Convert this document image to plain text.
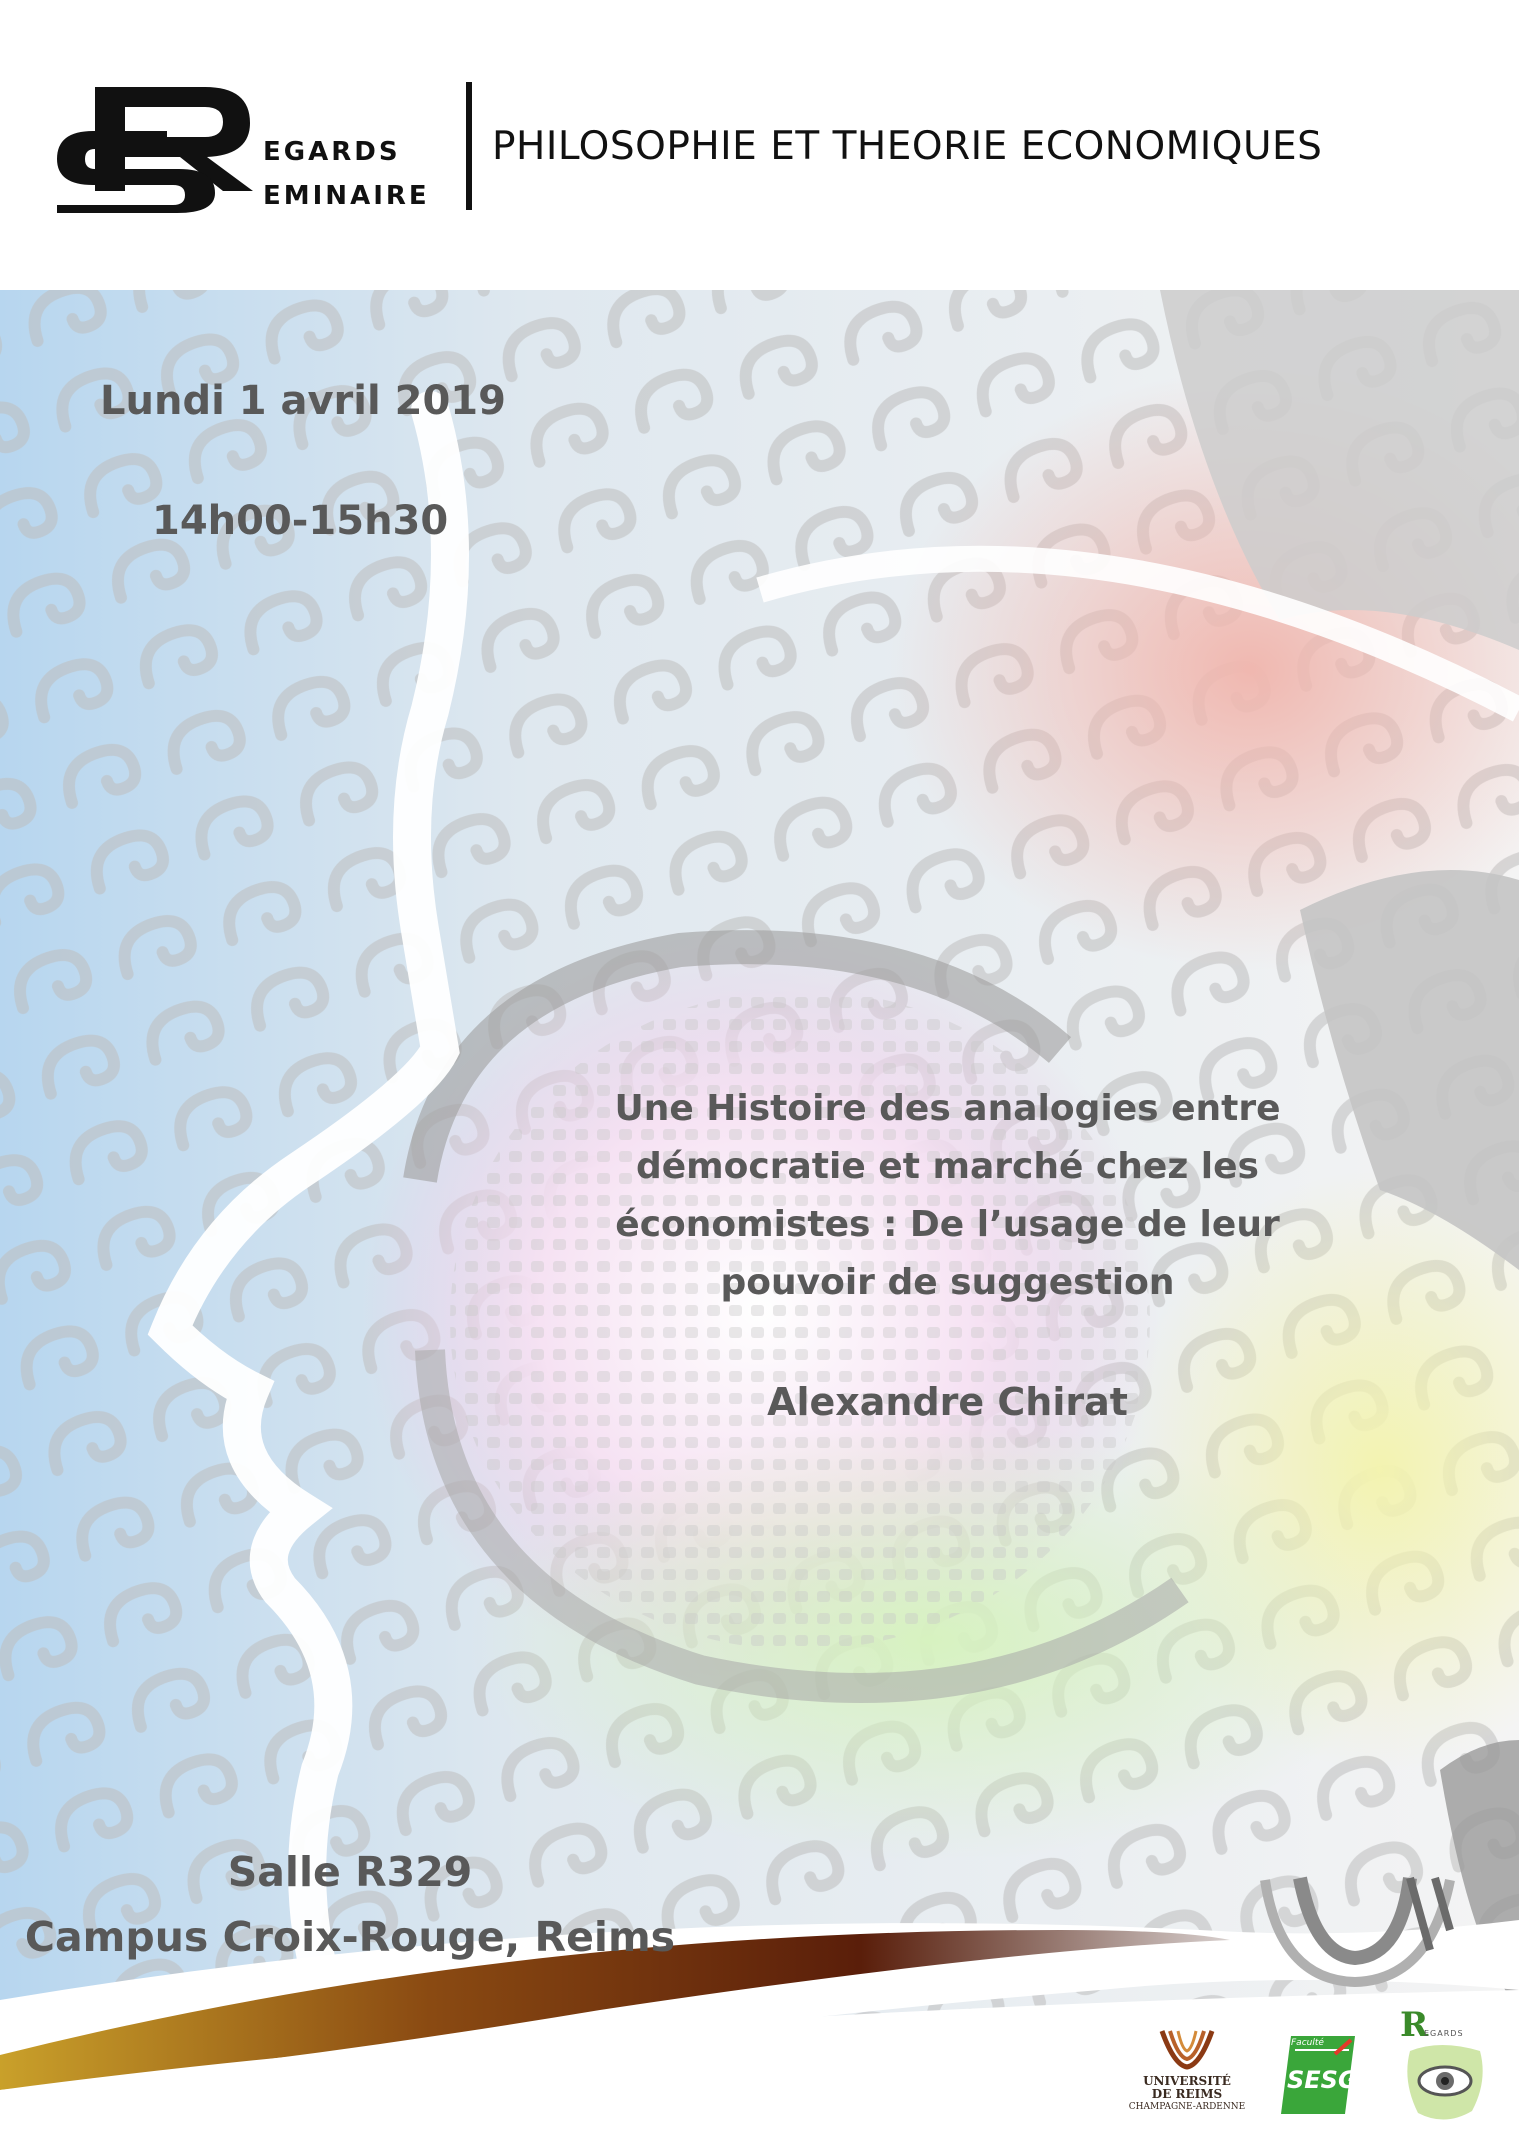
EGARDS
EMINAIRE
PHILOSOPHIE ET THEORIE ECONOMIQUES
Lundi 1 avril 2019
14h00-15h30
Une Histoire des analogies entre démocratie et marché chez les économistes : De l’usage de leur pouvoir de suggestion
Alexandre Chirat
Salle R329
Campus Croix-Rouge, Reims
UNIVERSITÉ
DE REIMS
CHAMPAGNE-ARDENNE
Faculté
SESG
R
EGARDS
